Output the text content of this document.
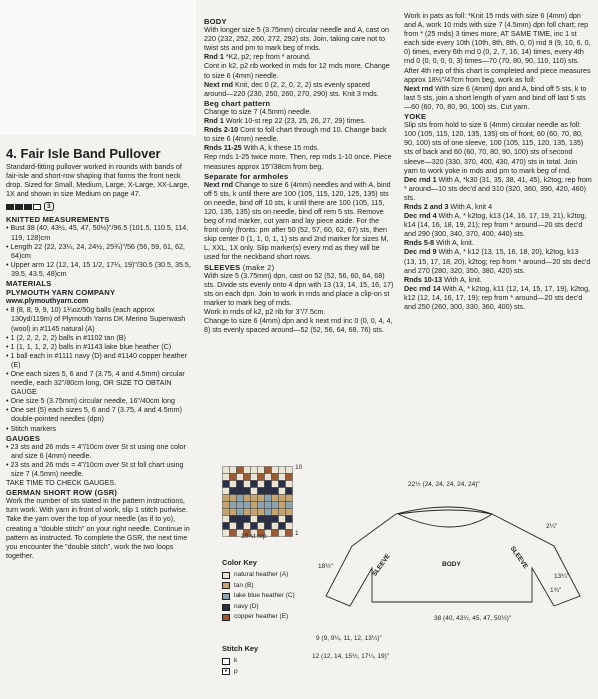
4. Fair Isle Band Pullover

Standard-fitting pullover worked in rounds with bands of fair-isle and short-row shaping that forms the front neck drop. Sized for Small, Medium, Large, X-Large, XX-Large, 1X and shown in size Medium on page 47.

3
KNITTED MEASUREMENTS

• Bust 38 (40, 43½, 45, 47, 50½)"/96.5 (101.5, 110.5, 114, 119, 128)cm

• Length 22 (22, 23¼, 24, 24½, 25¾)"/56 (56, 59, 61, 62, 64)cm

• Upper arm 12 (12, 14, 15 1/2, 17¼, 19)"/30.5 (30.5, 35.5, 39.5, 43.5, 48)cm

MATERIALS
PLYMOUTH YARN COMPANY
www.plymouthyarn.com

• 8 (8, 8, 9, 9, 10) 1¾oz/50g balls (each approx 130yd/119m) of Plymouth Yarns DK Merino Superwash (wool) in #1145 natural (A)

• 1 (2, 2, 2, 2, 2) balls in #1102 tan (B)

• 1 (1, 1, 1, 2, 2) balls in #1143 lake blue heather (C)

• 1 ball each in #1111 navy (D) and #1140 copper heather (E)

• One each sizes 5, 6 and 7 (3.75, 4 and 4.5mm) circular needle, each 32"/80cm long, OR SIZE TO OBTAIN GAUGE

• One size 5 (3.75mm) circular needle, 16"/40cm long

• One set (5) each sizes 5, 6 and 7 (3.75, 4 and 4.5mm) double-pointed needles (dpn)

• Stitch markers

GAUGES

• 23 sts and 26 rnds = 4"/10cm over St st using one color and size 6 (4mm) needle.

• 23 sts and 26 rnds = 4"/10cm over St st foll chart using size 7 (4.5mm) needle.

TAKE TIME TO CHECK GAUGES.

GERMAN SHORT ROW (GSR)

Work the number of sts stated in the pattern instructions, turn work. With yarn in front of work, slip 1 stitch purlwise. Take the yarn over the top of your needle (as if to yo), creating a "double stitch" on your right needle. Continue in pattern as instructed. To complete the GSR, the next time you encounter the "double stitch", work the two loops together.

BODY

With longer size 5 (3.75mm) circular needle and A, cast on 220 (232, 252, 260, 272, 292) sts. Join, taking care not to twist sts and pm to mark beg of rnds.

Rnd 1 *K2, p2; rep from * around.

Cont in k2, p2 rib worked in rnds for 12 rnds more. Change to size 6 (4mm) needle.

Next rnd Knit, dec 0 (2, 2, 0, 2, 2) sts evenly spaced around—220 (230, 250, 260, 270, 290) sts. Knit 3 rnds.

Beg chart pattern

Change to size 7 (4.5mm) needle.

Rnd 1 Work 10-st rep 22 (23, 25, 26, 27, 29) times.

Rnds 2-10 Cont to foll chart through rnd 10. Change back to size 6 (4mm) needle.

Rnds 11-25 With A, k these 15 rnds.

Rep rnds 1-25 twice more. Then, rep rnds 1-10 once. Piece measures approx 15"/38cm from beg.

Separate for armholes

Next rnd Change to size 6 (4mm) needles and with A, bind off 5 sts, k until there are 100 (105, 115, 120, 125, 135) sts on needle, bind off 10 sts, k until there are 100 (105, 115, 120, 135, 135) sts on needle, bind off rem 5 sts. Remove beg of rnd marker, cut yarn and lay piece aside. For the front only (fronts: pm after 50 (52, 57, 60, 62, 67) sts, then skip center 0 (1, 1, 0, 1, 1) sts and 2nd marker for sizes M, L, XXL, 1X only. Slip marker(s) every rnd as they will be used for the neckband short rows.

SLEEVES (make 2)

With size 5 (3.75mm) dpn, cast on 52 (52, 56, 60, 64, 68) sts. Divide sts evenly onto 4 dpn with 13 (13, 14, 15, 16, 17) sts on each dpn. Join to work in rnds and place a clip-on st marker to mark beg of rnds.

Work in rnds of k2, p2 rib for 3"/7.5cm.

Change to size 6 (4mm) dpn and k next rnd inc 0 (0, 0, 4, 4, 8) sts evenly spaced around—52 (52, 56, 64, 68, 76) sts.

Work in pats as foll: *Knit 15 rnds with size 6 (4mm) dpn and A, work 10 rnds with size 7 (4.5mm) dpn foll chart; rep from * (25 rnds) 3 times more, AT SAME TIME, inc 1 st each side every 10th (10th, 8th, 8th, 0, 0) rnd 9 (9, 10, 6, 0, 0) times, every 6th rnd 0 (0, 2, 7, 16, 14) times, every 4th rnd 0 (0, 0, 0, 0, 3) times—70 (70, 80, 90, 110, 110) sts. After 4th rep of this chart is completed and piece measures approx 18½"/47cm from beg, work as foll:

Next rnd With size 6 (4mm) dpn and A, bind off 5 sts, k to last 5 sts, join a short length of yarn and bind off last 5 sts—60 (60, 70, 80, 90, 100) sts. Cut yarn.

YOKE

Slip sts from hold to size 6 (4mm) circular needle as foll: 100 (105, 115, 120, 135, 135) sts of front, 60 (60, 70, 80, 90, 100) sts of one sleeve, 100 (105, 115, 120, 135, 135) sts of back and 60 (60, 70, 80, 90, 100) sts of second sleeve—320 (330, 370, 400, 430, 470) sts in total. Join yarn to work yoke in rnds and pm to mark beg of rnd.

Dec rnd 1 With A, *k30 (31, 35, 38, 41, 45), k2tog; rep from * around—10 sts dec'd and 310 (320, 360, 390, 420, 460) sts.

Rnds 2 and 3 With A, knit 4

Dec rnd 4 With A, * k2tog, k13 (14, 16, 17, 19, 21), k2tog, k14 (14, 16, 18, 19, 21); rep from * around—20 sts dec'd and 290 (300, 340, 370, 400, 440) sts.

Rnds 5-8 With A, knit.

Dec rnd 9 With A, * k12 (13, 15, 16, 18, 20), k2tog, k13 (13, 15, 17, 18, 20), k2tog; rep from * around—20 sts dec'd and 270 (280, 320, 350, 380, 420) sts.

Rnds 10-13 With A, knit.

Dec rnd 14 With A, * k2tog, k11 (12, 14, 15, 17, 19), k2tog, k12 (12, 14, 16, 17, 19); rep from * around—20 sts dec'd and 250 (260, 300, 330, 360, 400) sts.

10
1
10-st rep
Color Key
natural heather (A)
tan (B)
lake blue heather (C)
navy (D)
copper heather (E)
Stitch Key
k
•	p
22½ (24, 24, 24, 24, 24)"
BODY
SLEEVE	SLEEVE
18½"
13¼"
2¼"
9 (9, 9¼, 11, 12, 13¼)"
38 (40, 43½, 45, 47, 50½)"
12 (12, 14, 15½, 17¼, 19)"
1¾"
